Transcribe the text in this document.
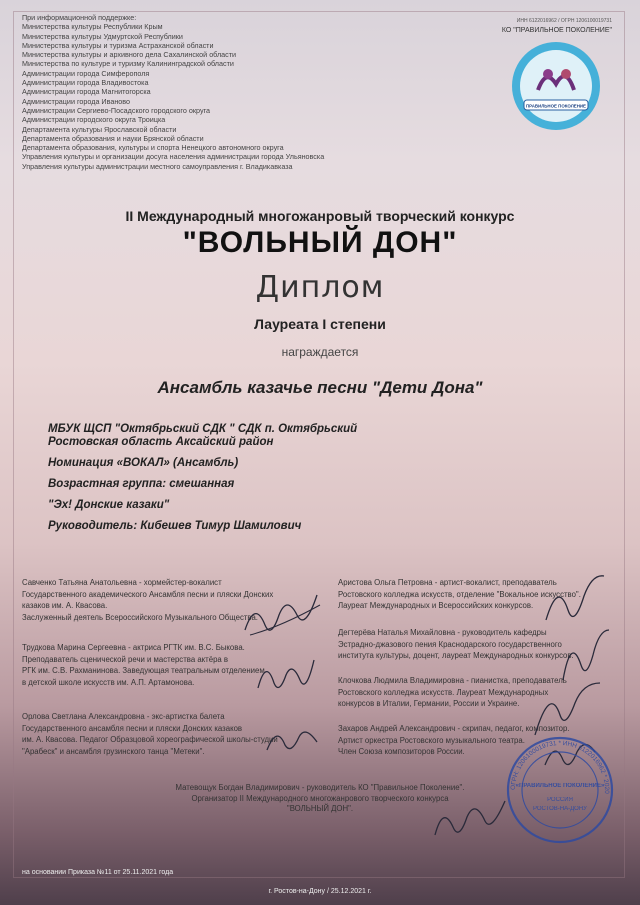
При информационной поддержке:
Министерства культуры Республики Крым
Министерства культуры Удмуртской Республики
Министерства культуры и туризма Астраханской области
Министерства культуры и архивного дела Сахалинской области
Министерства по культуре и туризму Калининградской области
Администрации города Симферополя
Администрации города Владивостока
Администрации города Магнитогорска
Администрации города Иваново
Администрации Сергиево-Посадского городского округа
Администрации городского округа Троицка
Департамента культуры Ярославской области
Департамента образования и науки Брянской области
Департамента образования, культуры и спорта Ненецкого автономного округа
Управления культуры и организации досуга населения администрации города Ульяновска
Управления культуры администрации местного самоуправления г. Владикавказа
ИНН 6122016962 / ОГРН 1206100019731
КО "ПРАВИЛЬНОЕ ПОКОЛЕНИЕ"
ПРАВИЛЬНОЕ ПОКОЛЕНИЕ
II Международный многожанровый творческий конкурс
"ВОЛЬНЫЙ ДОН"
Диплом
Лауреата I степени
награждается
Ансамбль казачье песни "Дети Дона"
МБУК ЩСП "Октябрьский СДК " СДК п. Октябрьский
Ростовская область Аксайский район
Номинация «ВОКАЛ» (Ансамбль)
Возрастная группа: смешанная
"Эх! Донские казаки"
Руководитель: Кибешев Тимур Шамилович
Савченко Татьяна Анатольевна - хормейстер-вокалист
Государственного академического Ансамбля песни и пляски Донских
казаков им. А. Квасова.
Заслуженный деятель Всероссийского Музыкального Общества.
Трудкова Марина Сергеевна - актриса РГТК им. В.С. Быкова.
Преподаватель сценической речи и мастерства актёра в
РГК им. С.В. Рахманинова. Заведующая театральным отделением
в детской школе искусств им. А.П. Артамонова.
Орлова Светлана Александровна - экс-артистка балета
Государственного ансамбля песни и пляски Донских казаков
им. А. Квасова. Педагог Образцовой хореографической школы-студии
"Арабеск" и ансамбля грузинского танца "Метеки".
Аристова Ольга Петровна - артист-вокалист, преподаватель
Ростовского колледжа искусств, отделение "Вокальное искусство".
Лауреат Международных и Всероссийских конкурсов.
Дегтерёва Наталья Михайловна - руководитель кафедры
Эстрадно-джазового пения Краснодарского государственного
института культуры, доцент, лауреат Международных конкурсов.
Клочкова Людмила Владимировна - пианистка, преподаватель
Ростовского колледжа искусств. Лауреат Международных
конкурсов в Италии, Германии, России и Украине.
Захаров Андрей Александрович - скрипач, педагог, композитор.
Артист оркестра Ростовского музыкального театра.
Член Союза композиторов России.
Матевощук Богдан Владимирович - руководитель КО "Правильное Поколение".
Организатор II Международного многожанрового творческого конкурса
"ВОЛЬНЫЙ ДОН".
ОГРН: 1206100019731 * ИНН 6122016962 * 2020
«ПРАВИЛЬНОЕ ПОКОЛЕНИЕ»
РОССИЯ
РОСТОВ-НА-ДОНУ
на основании Приказа №11 от 25.11.2021 года
г. Ростов-на-Дону / 25.12.2021 г.
